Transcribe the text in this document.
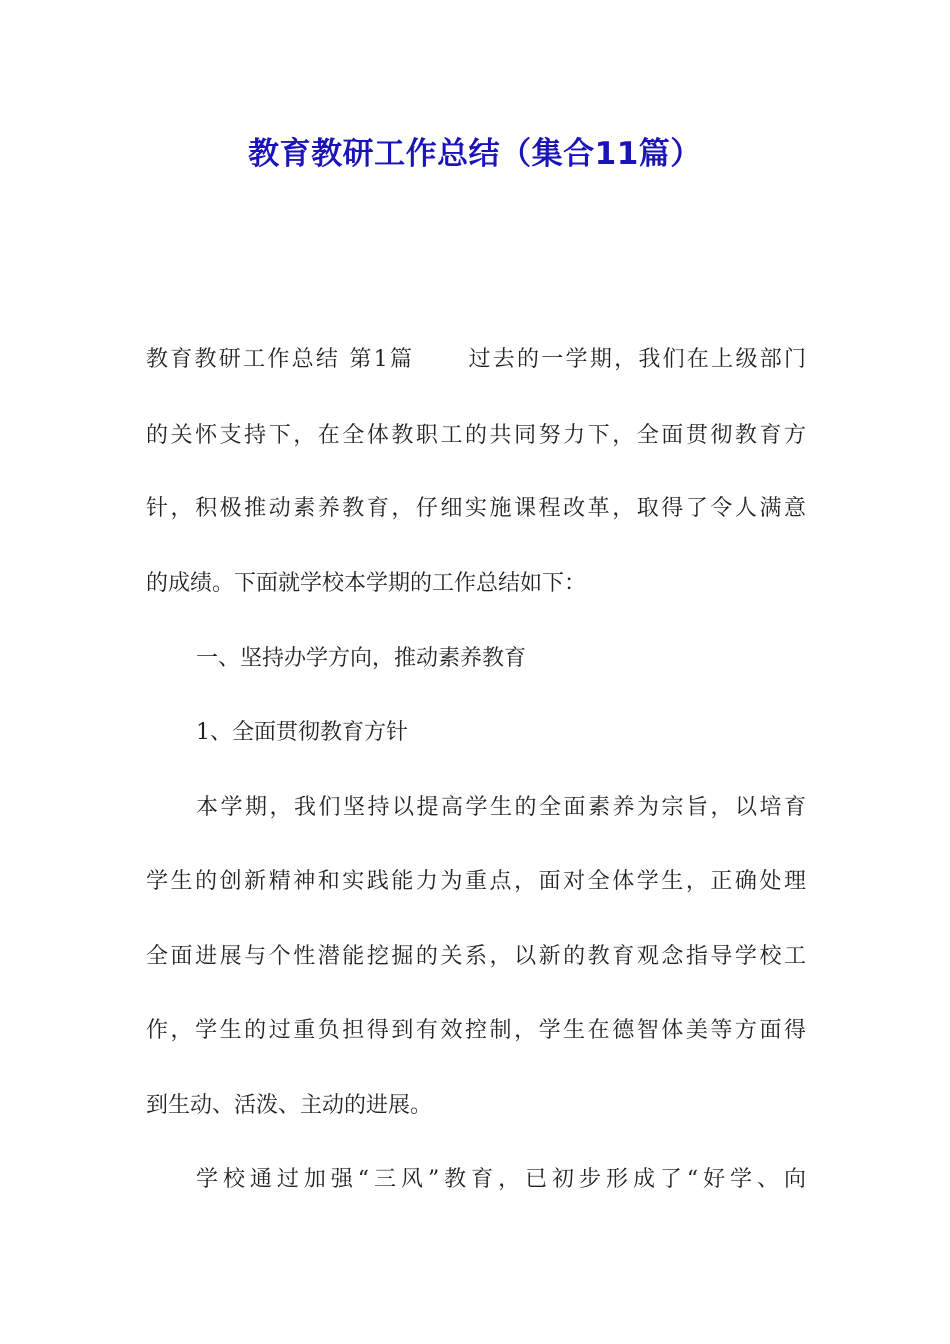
教育教研工作总结（集合11篇）

教育教研工作总结 第1篇 过去的一学期，我们在上级部门

的关怀支持下，在全体教职工的共同努力下，全面贯彻教育方

针，积极推动素养教育，仔细实施课程改革，取得了令人满意

的成绩。下面就学校本学期的工作总结如下：

一、坚持办学方向，推动素养教育

1、全面贯彻教育方针

本学期，我们坚持以提高学生的全面素养为宗旨，以培育

学生的创新精神和实践能力为重点，面对全体学生，正确处理

全面进展与个性潜能挖掘的关系，以新的教育观念指导学校工

作，学生的过重负担得到有效控制，学生在德智体美等方面得

到生动、活泼、主动的进展。

学校通过加强“三风”教育，已初步形成了“好学、向
